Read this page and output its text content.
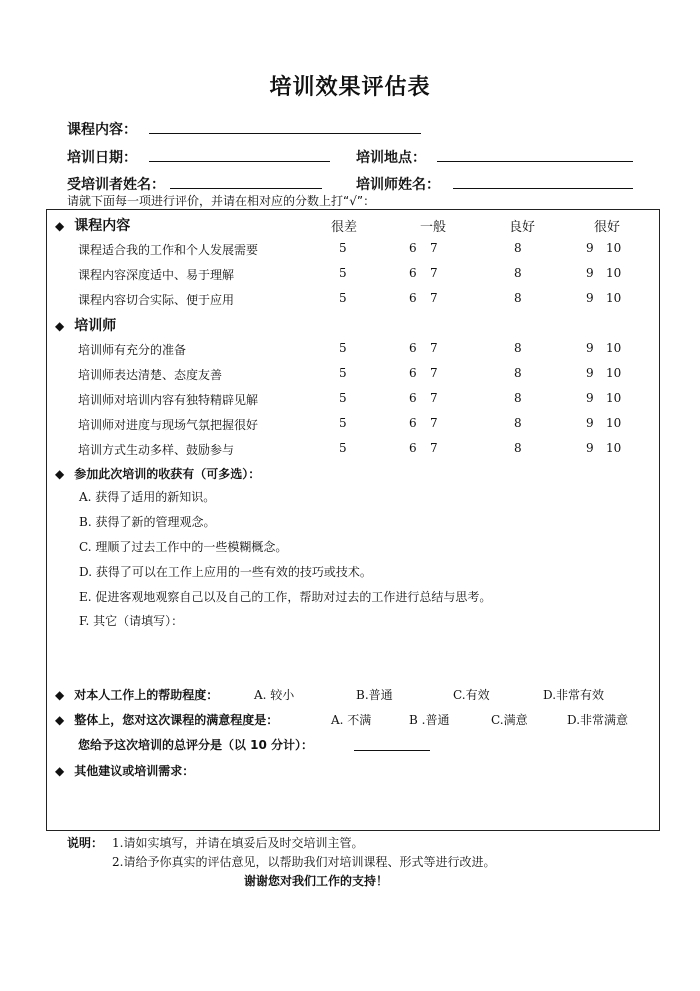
培训效果评估表
课程内容：
培训日期：	培训地点：
受培训者姓名：	培训师姓名：
请就下面每一项进行评价，并请在相对应的分数上打“√”：
很差	一般	良好	很好
◆ 课程内容
课程适合我的工作和个人发展需要	5	6 7	8	9 10
课程内容深度适中、易于理解	5	6 7	8	9 10
课程内容切合实际、便于应用	5	6 7	8	9 10
◆ 培训师
培训师有充分的准备	5	6 7	8	9 10
培训师表达清楚、态度友善	5	6 7	8	9 10
培训师对培训内容有独特精辟见解	5	6 7	8	9 10
培训师对进度与现场气氛把握很好	5	6 7	8	9 10
培训方式生动多样、鼓励参与	5	6 7	8	9 10
◆ 参加此次培训的收获有（可多选）：
A. 获得了适用的新知识。
B. 获得了新的管理观念。
C. 理顺了过去工作中的一些模糊概念。
D. 获得了可以在工作上应用的一些有效的技巧或技术。
E. 促进客观地观察自己以及自己的工作，帮助对过去的工作进行总结与思考。
F. 其它（请填写）：
◆ 对本人工作上的帮助程度：	A. 较小	B.普通	C.有效	D.非常有效
◆ 整体上，您对这次课程的满意程度是：	A. 不满	B .普通	C.满意	D.非常满意
您给予这次培训的总评分是（以 10 分计）：
◆ 其他建议或培训需求：
说明： 1.请如实填写，并请在填妥后及时交培训主管。
2.请给予你真实的评估意见，以帮助我们对培训课程、形式等进行改进。
谢谢您对我们工作的支持！
